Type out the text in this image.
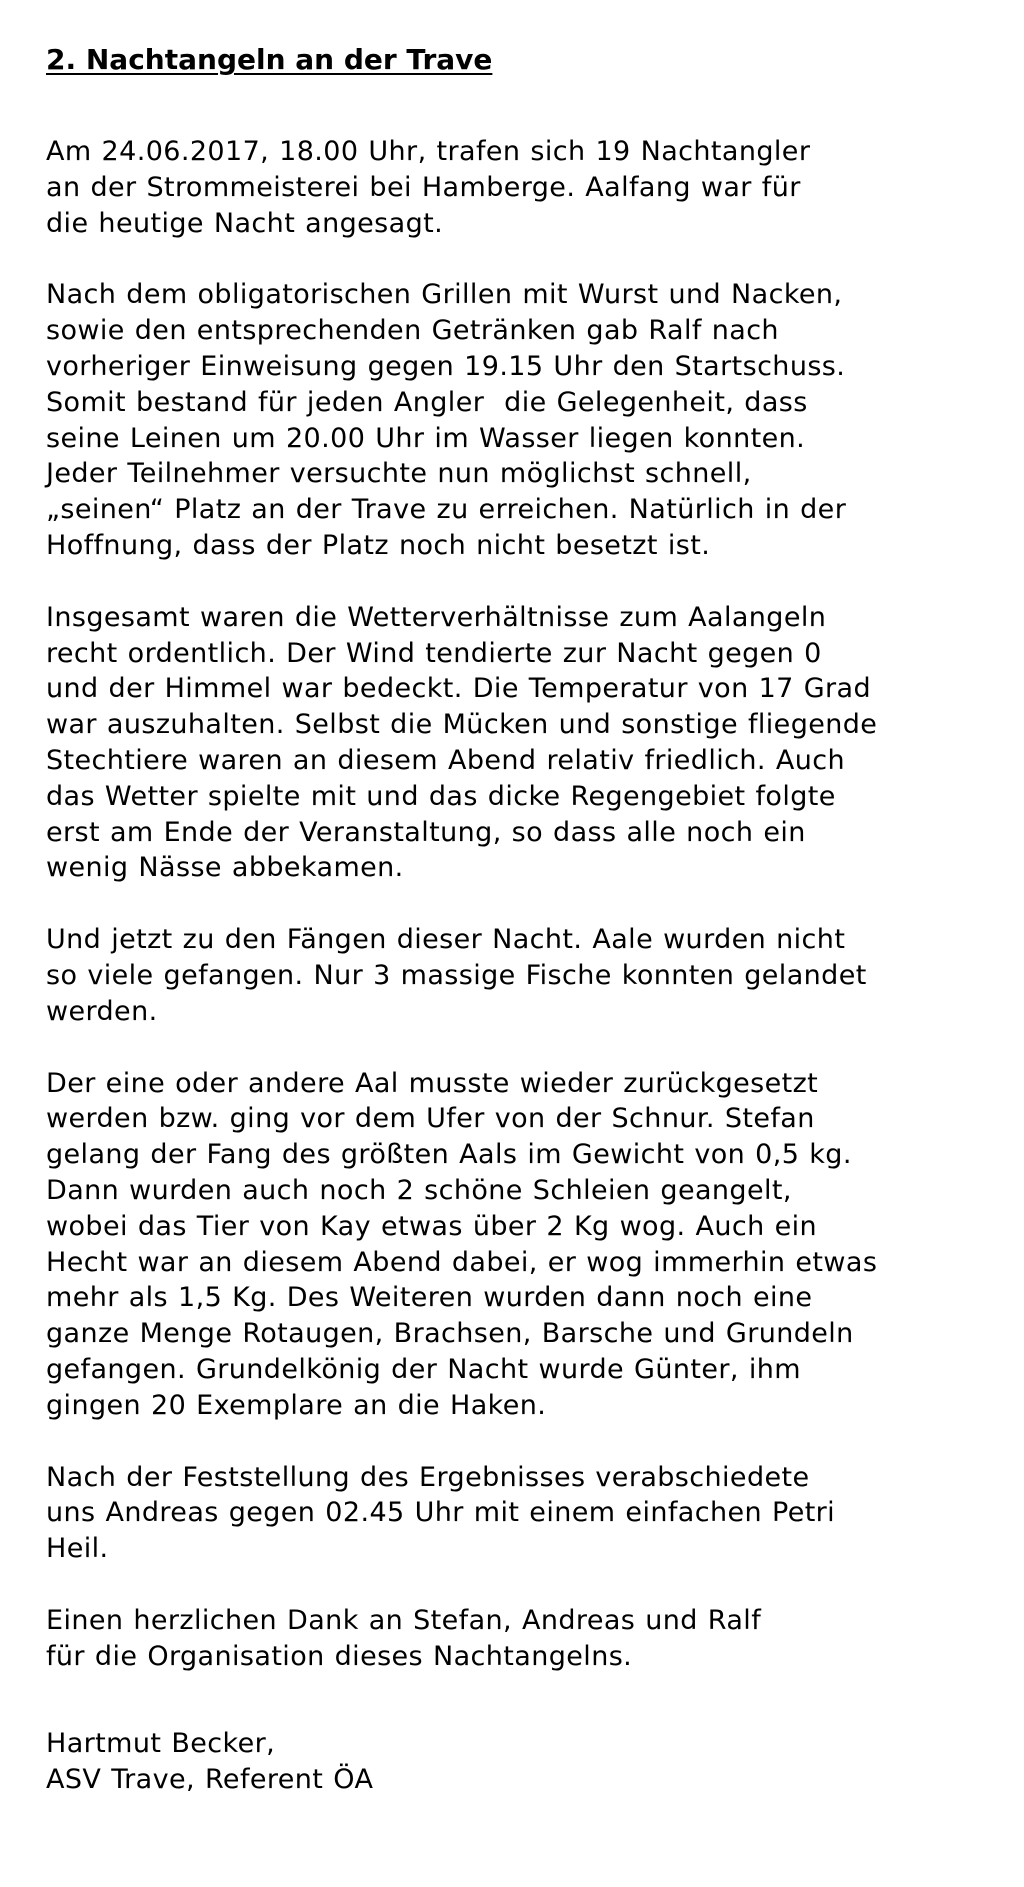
2. Nachtangeln an der Trave

Am 24.06.2017, 18.00 Uhr, trafen sich 19 Nachtangler
an der Strommeisterei bei Hamberge. Aalfang war für
die heutige Nacht angesagt.

Nach dem obligatorischen Grillen mit Wurst und Nacken,
sowie den entsprechenden Getränken gab Ralf nach
vorheriger Einweisung gegen 19.15 Uhr den Startschuss.
Somit bestand für jeden Angler  die Gelegenheit, dass
seine Leinen um 20.00 Uhr im Wasser liegen konnten.
Jeder Teilnehmer versuchte nun möglichst schnell,
„seinen“ Platz an der Trave zu erreichen. Natürlich in der
Hoffnung, dass der Platz noch nicht besetzt ist.

Insgesamt waren die Wetterverhältnisse zum Aalangeln
recht ordentlich. Der Wind tendierte zur Nacht gegen 0
und der Himmel war bedeckt. Die Temperatur von 17 Grad
war auszuhalten. Selbst die Mücken und sonstige fliegende
Stechtiere waren an diesem Abend relativ friedlich. Auch
das Wetter spielte mit und das dicke Regengebiet folgte
erst am Ende der Veranstaltung, so dass alle noch ein
wenig Nässe abbekamen.

Und jetzt zu den Fängen dieser Nacht. Aale wurden nicht
so viele gefangen. Nur 3 massige Fische konnten gelandet
werden.

Der eine oder andere Aal musste wieder zurückgesetzt
werden bzw. ging vor dem Ufer von der Schnur. Stefan
gelang der Fang des größten Aals im Gewicht von 0,5 kg.
Dann wurden auch noch 2 schöne Schleien geangelt,
wobei das Tier von Kay etwas über 2 Kg wog. Auch ein
Hecht war an diesem Abend dabei, er wog immerhin etwas
mehr als 1,5 Kg. Des Weiteren wurden dann noch eine
ganze Menge Rotaugen, Brachsen, Barsche und Grundeln
gefangen. Grundelkönig der Nacht wurde Günter, ihm
gingen 20 Exemplare an die Haken.

Nach der Feststellung des Ergebnisses verabschiedete
uns Andreas gegen 02.45 Uhr mit einem einfachen Petri
Heil.

Einen herzlichen Dank an Stefan, Andreas und Ralf
für die Organisation dieses Nachtangelns.

Hartmut Becker,
ASV Trave, Referent ÖA
